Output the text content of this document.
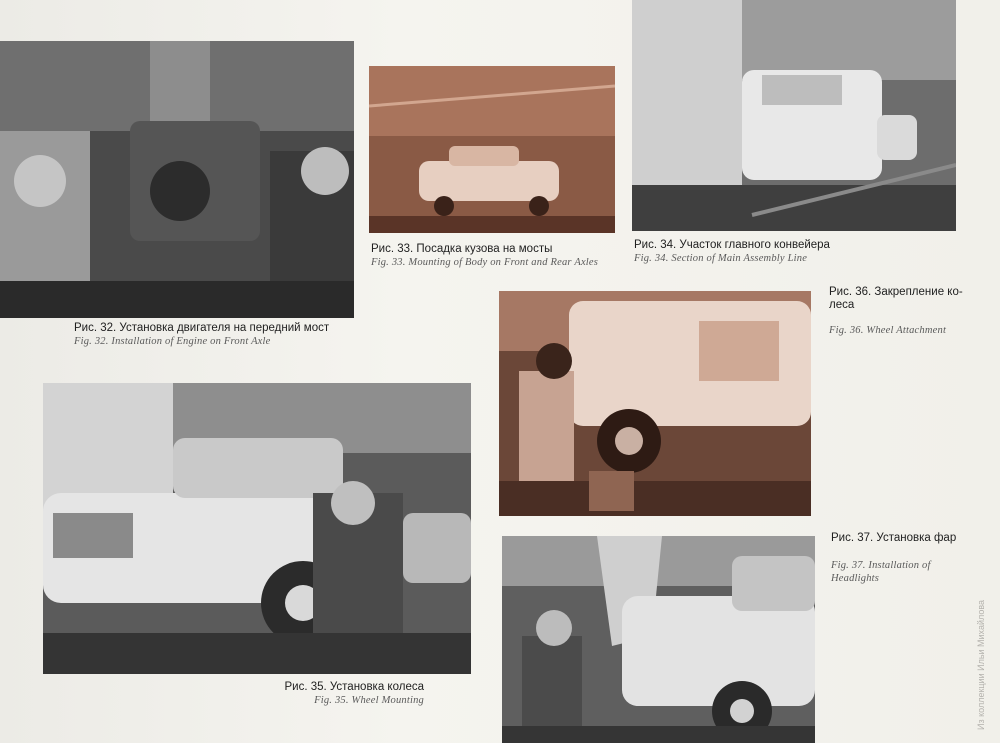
Рис. 32. Установка двигателя на передний мост
Fig. 32. Installation of Engine on Front Axle
Рис. 33. Посадка кузова на мосты
Fig. 33. Mounting of Body on Front and Rear Axles
Рис. 34. Участок главного конвейера
Fig. 34. Section of Main Assembly Line
Рис. 36. Закрепление ко-леса
Fig. 36. Wheel Attachment
Рис. 35. Установка колеса
Fig. 35. Wheel Mounting
Рис. 37. Установка фар
Fig. 37. Installation of Headlights
Из коллекции Ильи Михайлова
